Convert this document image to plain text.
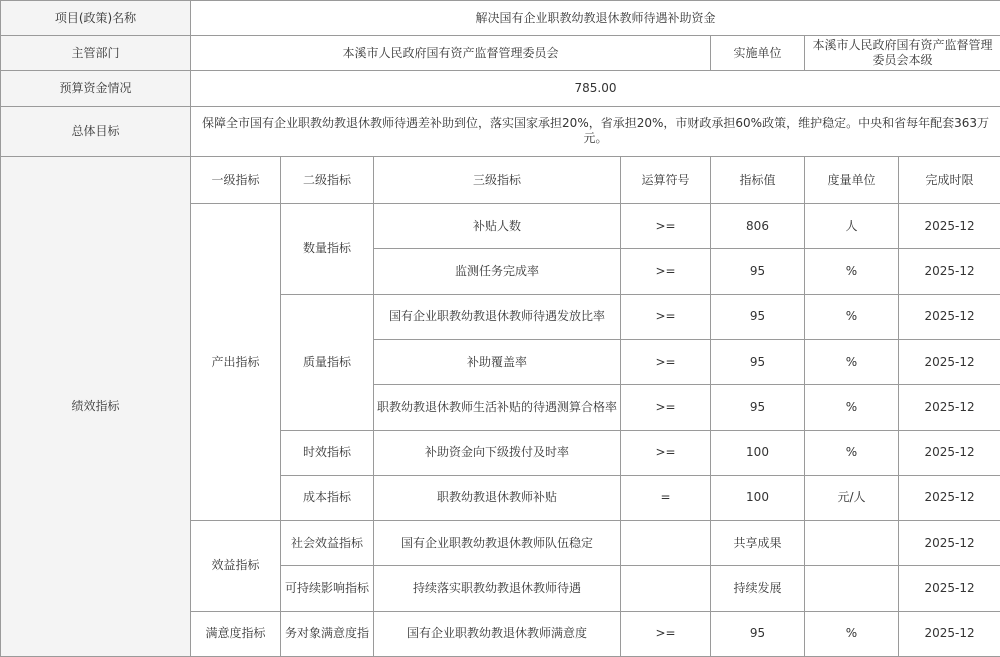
项目(政策)名称	解决国有企业职教幼教退休教师待遇补助资金						
主管部门	本溪市人民政府国有资产监督管理委员会				实施单位	本溪市人民政府国有资产监督管理委员会本级	
预算资金情况	785.00						
总体目标	保障全市国有企业职教幼教退休教师待遇差补助到位，落实国家承担20%，省承担20%，市财政承担60%政策，维护稳定。中央和省每年配套363万元。						
绩效指标	一级指标	二级指标	三级指标	运算符号	指标值	度量单位	完成时限
	产出指标	数量指标	补贴人数	>=	806	人	2025-12
			监测任务完成率	>=	95	%	2025-12
		质量指标	国有企业职教幼教退休教师待遇发放比率	>=	95	%	2025-12
			补助覆盖率	>=	95	%	2025-12
			职教幼教退休教师生活补贴的待遇测算合格率	>=	95	%	2025-12
		时效指标	补助资金向下级拨付及时率	>=	100	%	2025-12
		成本指标	职教幼教退休教师补贴	=	100	元/人	2025-12
	效益指标	社会效益指标	国有企业职教幼教退休教师队伍稳定		共享成果		2025-12
		可持续影响指标	持续落实职教幼教退休教师待遇		持续发展		2025-12
	满意度指标	务对象满意度指	国有企业职教幼教退休教师满意度	>=	95	%	2025-12
